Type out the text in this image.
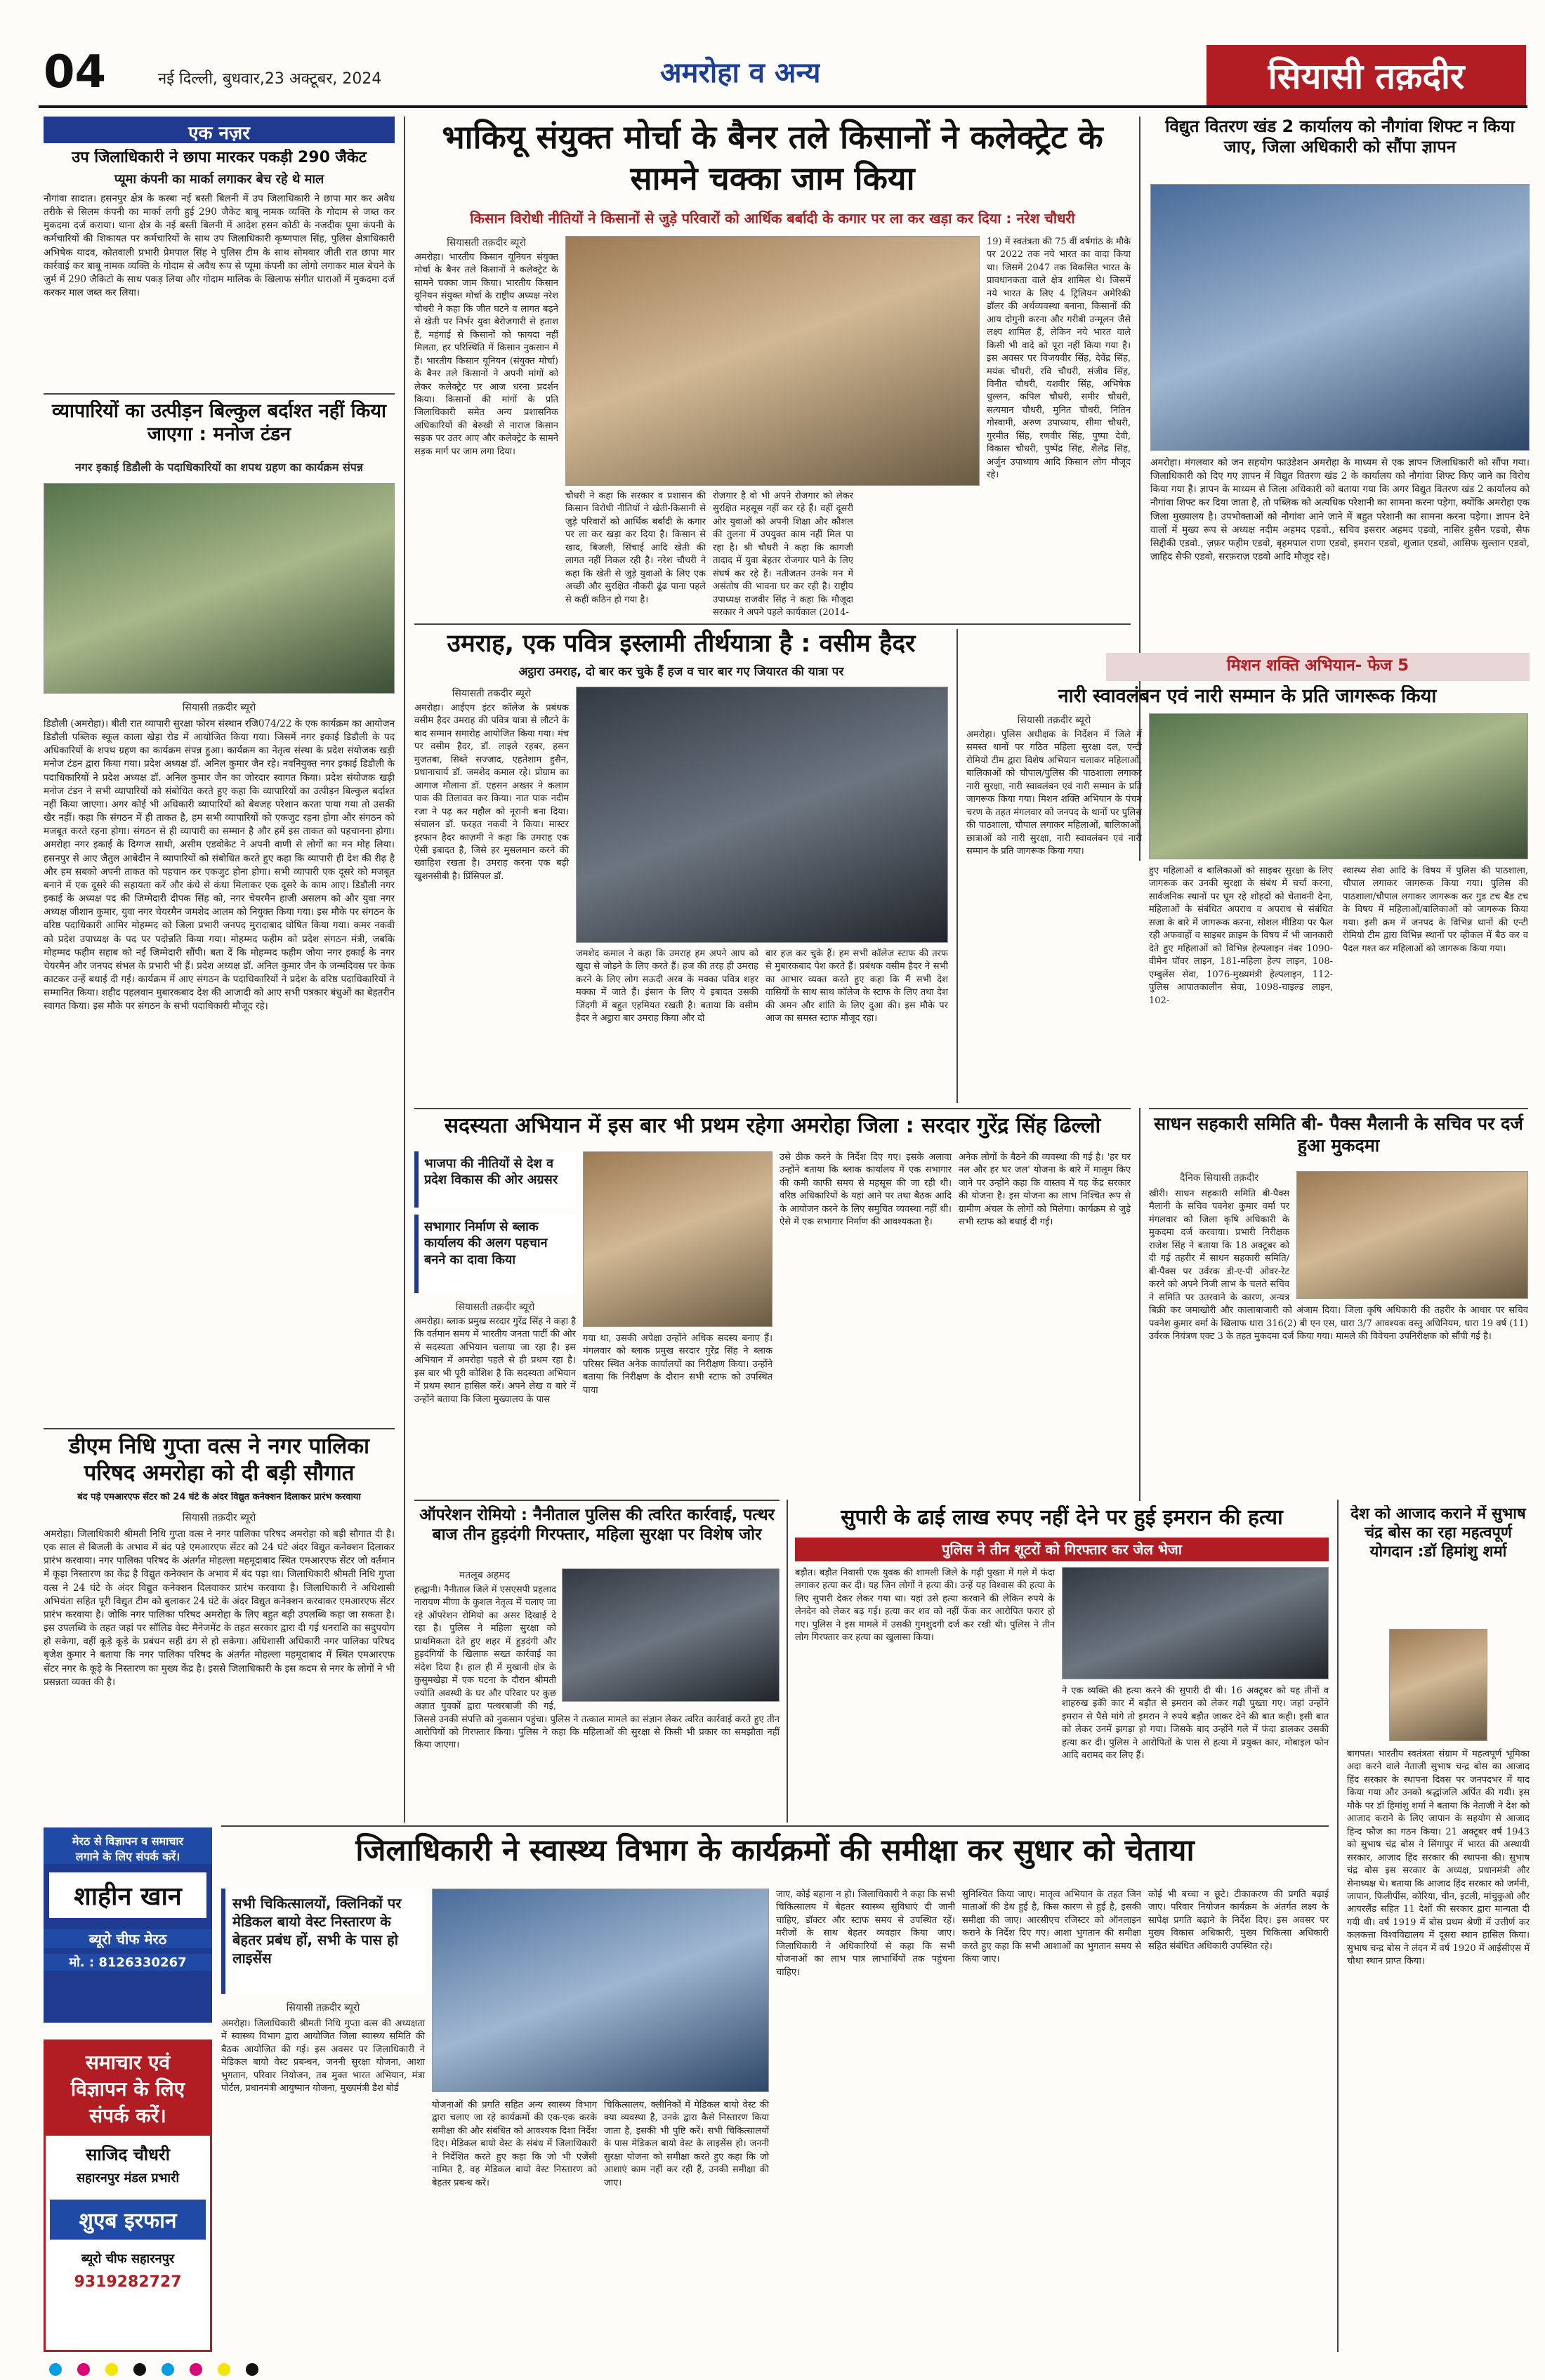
04	नई दिल्ली, बुधवार,23 अक्टूबर, 2024	अमरोहा व अन्य	सियासी तक़दीर
एक नज़र
उप जिलाधिकारी ने छापा मारकर पकड़ी 290 जैकेट
प्यूमा कंपनी का मार्का लगाकर बेच रहे थे माल
नौगांवा सादात। हसनपुर क्षेत्र के कस्बा नई बस्ती बिलनी में उप जिलाधिकारी ने छापा मार कर अवैध तरीके से सिलम कंपनी का मार्का लगी हुई 290 जैकेट बाबू नामक व्यक्ति के गोदाम से जब्त कर मुकदमा दर्ज कराया। थाना क्षेत्र के नई बस्ती बिलनी में आदेश हसन कोठी के नजदीक पूमा कंपनी के कर्मचारियों की शिकायत पर कर्मचारियों के साथ उप जिलाधिकारी कृष्णपाल सिंह, पुलिस क्षेत्राधिकारी अभिषेक यादव, कोतवाली प्रभारी प्रेमपाल सिंह ने पुलिस टीम के साथ सोमवार जीती रात छापा मार कार्रवाई कर बाबू नामक व्यक्ति के गोदाम से अवैध रूप से प्यूमा कंपनी का लोगो लगाकर माल बेचने के जुर्म में 290 जैकिटो के साथ पकड़ लिया और गोदाम मालिक के खिलाफ संगीत धाराओं में मुकदमा दर्ज करकर माल जब्त कर लिया।
व्यापारियों का उत्पीड़न बिल्कुल बर्दाश्त नहीं किया जाएगा : मनोज टंडन
नगर इकाई डिडौली के पदाधिकारियों का शपथ ग्रहण का कार्यक्रम संपन्न
सियासी तक़दीर ब्यूरो
डिडौली (अमरोहा)। बीती रात व्यापारी सुरक्षा फोरम संस्थान रजि074/22 के एक कार्यक्रम का आयोजन डिडौली पब्लिक स्कूल काला खेड़ा रोड में आयोजित किया गया। जिसमें नगर इकाई डिडौली के पद अधिकारियों के शपथ ग्रहण का कार्यक्रम संपन्न हुआ। कार्यक्रम का नेतृत्व संस्था के प्रदेश संयोजक खड़ी मनोज टंडन द्वारा किया गया। प्रदेश अध्यक्ष डॉ. अनिल कुमार जैन रहे। नवनियुक्त नगर इकाई डिडौली के पदाधिकारियों ने प्रदेश अध्यक्ष डॉ. अनिल कुमार जैन का जोरदार स्वागत किया। प्रदेश संयोजक खड़ी मनोज टंडन ने सभी व्यापारियों को संबोधित करते हुए कहा कि व्यापारियों का उत्पीड़न बिल्कुल बर्दाश्त नहीं किया जाएगा। अगर कोई भी अधिकारी व्यापारियों को बेवजह परेशान करता पाया गया तो उसकी खैर नहीं। कहा कि संगठन में ही ताकत है, हम सभी व्यापारियों को एकजुट रहना होगा और संगठन को मजबूत करते रहना होगा। संगठन से ही व्यापारी का सम्मान है और हमें इस ताकत को पहचानना होगा। अमरोहा नगर इकाई के दिग्गज साथी, असीम एडवोकेट ने अपनी वाणी से लोगों का मन मोह लिया। हसनपुर से आए जैतुल आबेदीन ने व्यापारियों को संबोधित करते हुए कहा कि व्यापारी ही देश की रीढ़ है और हम सबको अपनी ताकत को पहचान कर एकजुट होना होगा। सभी व्यापारी एक दूसरे को मजबूत बनाने में एक दूसरे की सहायता करें और कंधे से कंधा मिलाकर एक दूसरे के काम आए। डिडौली नगर इकाई के अध्यक्ष पद की जिम्मेदारी दीपक सिंह को, नगर चेयरमैन हाजी असलम को और युवा नगर अध्यक्ष जीशान कुमार, युवा नगर चेयरमैन जमशेद आलम को नियुक्त किया गया। इस मौके पर संगठन के वरिष्ठ पदाधिकारी आमिर मोहम्मद को जिला प्रभारी जनपद मुरादाबाद घोषित किया गया। कमर नकवी को प्रदेश उपाध्यक्ष के पद पर पदोन्नति किया गया। मोहम्मद फहीम को प्रदेश संगठन मंत्री, जबकि मोहम्मद फहीम सहाब को नई जिम्मेदारी सौंपी। बता दें कि मोहम्मद फहीम जोया नगर इकाई के नगर चेयरमैन और जनपद संभल के प्रभारी भी हैं। प्रदेश अध्यक्ष डॉ. अनिल कुमार जैन के जन्मदिवस पर केक काटकर उन्हें बधाई दी गई। कार्यक्रम में आए संगठन के पदाधिकारियों ने प्रदेश के वरिष्ठ पदाधिकारियों ने सम्मानित किया। शहीद पहलवान मुबारकबाद देश की आजादी को आए सभी पत्रकार बंधुओं का बेहतरीन स्वागत किया। इस मौके पर संगठन के सभी पदाधिकारी मौजूद रहे।
डीएम निधि गुप्ता वत्स ने नगर पालिका परिषद अमरोहा को दी बड़ी सौगात
बंद पड़े एमआरएफ सेंटर को 24 घंटे के अंदर विद्युत कनेक्शन दिलाकर प्रारंभ करवाया
सियासी तक़दीर ब्यूरो
अमरोहा। जिलाधिकारी श्रीमती निधि गुप्ता वत्स ने नगर पालिका परिषद अमरोहा को बड़ी सौगात दी है। एक साल से बिजली के अभाव में बंद पड़े एमआरएफ सेंटर को 24 घंटे अंदर विद्युत कनेक्शन दिलाकर प्रारंभ करवाया। नगर पालिका परिषद के अंतर्गत मोहल्ला महमूदाबाद स्थित एमआरएफ सेंटर जो वर्तमान में कूड़ा निस्तारण का केंद्र है विद्युत कनेक्शन के अभाव में बंद पड़ा था। जिलाधिकारी श्रीमती निधि गुप्ता वत्स ने 24 घंटे के अंदर विद्युत कनेक्शन दिलवाकर प्रारंभ करवाया है। जिलाधिकारी ने अधिशासी अभियंता सहित पूरी विद्युत टीम को बुलाकर 24 घंटे के अंदर विद्युत कनेक्शन करवाकर एमआरएफ सेंटर प्रारंभ करवाया है। जोकि नगर पालिका परिषद अमरोहा के लिए बहुत बड़ी उपलब्धि कहा जा सकता है। इस उपलब्धि के तहत जहां पर सॉलिड वेस्ट मैनेजमेंट के तहत सरकार द्वारा दी गई धनराशि का सदुपयोग हो सकेगा, वहीं कूड़े कूड़े के प्रबंधन सही ढंग से हो सकेगा। अधिशासी अधिकारी नगर पालिका परिषद बृजेश कुमार ने बताया कि नगर पालिका परिषद के अंतर्गत मोहल्ला महमूदाबाद में स्थित एमआरएफ सेंटर नगर के कूड़े के निस्तारण का मुख्य केंद्र है। इससे जिलाधिकारी के इस कदम से नगर के लोगों ने भी प्रसन्नता व्यक्त की है।
मेरठ से विज्ञापन व समाचार
लगाने के लिए संपर्क करें।
शाहीन खान
ब्यूरो चीफ मेरठ
मो. : 8126330267
समाचार एवं
विज्ञापन के लिए
संपर्क करें।
साजिद चौधरी
सहारनपुर मंडल प्रभारी
शुएब इरफान
ब्यूरो चीफ सहारनपुर
9319282727
भाकियू संयुक्त मोर्चा के बैनर तले किसानों ने कलेक्ट्रेट के सामने चक्का जाम किया
किसान विरोधी नीतियों ने किसानों से जुड़े परिवारों को आर्थिक बर्बादी के कगार पर ला कर खड़ा कर दिया : नरेश चौधरी
सियासती तक़दीर ब्यूरो
अमरोहा। भारतीय किसान यूनियन संयुक्त मोर्चा के बैनर तले किसानों ने कलेक्ट्रेट के सामने चक्का जाम किया। भारतीय किसान यूनियन संयुक्त मोर्चा के राष्ट्रीय अध्यक्ष नरेश चौधरी ने कहा कि जीत घटने व लागत बढ़ने से खेती पर निर्भर युवा बेरोजगारी से हताश हैं, महंगाई से किसानों को फायदा नहीं मिलता, हर परिस्थिति में किसान नुकसान में हैं। भारतीय किसान यूनियन (संयुक्त मोर्चा) के बैनर तले किसानों ने अपनी मांगों को लेकर कलेक्ट्रेट पर आज धरना प्रदर्शन किया। किसानों की मांगों के प्रति जिलाधिकारी समेत अन्य प्रशासनिक अधिकारियों की बेरुखी से नाराज किसान सड़क पर उतर आए और कलेक्ट्रेट के सामने सड़क मार्ग पर जाम लगा दिया।
चौधरी ने कहा कि सरकार व प्रशासन की किसान विरोधी नीतियों ने खेती-किसानी से जुड़े परिवारों को आर्थिक बर्बादी के कगार पर ला कर खड़ा कर दिया है। किसान से खाद, बिजली, सिंचाई आदि खेती की लागत नहीं निकल रही है। नरेश चौधरी ने कहा कि खेती से जुड़े युवाओं के लिए एक अच्छी और सुरक्षित नौकरी ढूंढ पाना पहले से कहीं कठिन हो गया है।
रोजगार है वो भी अपने रोजगार को लेकर सुरक्षित महसूस नहीं कर रहे हैं। वहीं दूसरी ओर युवाओं को अपनी शिक्षा और कौशल की तुलना में उपयुक्त काम नहीं मिल पा रहा है। श्री चौधरी ने कहा कि कागजी तादाद में युवा बेहतर रोजगार पाने के लिए संघर्ष कर रहे हैं। नतीजतन उनके मन में असंतोष की भावना घर कर रही है। राष्ट्रीय उपाध्यक्ष राजवीर सिंह ने कहा कि मौजूदा सरकार ने अपने पहले कार्यकाल (2014-
19) में स्वतंत्रता की 75 वीं वर्षगांठ के मौके पर 2022 तक नये भारत का वादा किया था। जिसमें 2047 तक विकसित भारत के प्रावधानकता वाले क्षेत्र शामिल थे। जिसमें नये भारत के लिए 4 ट्रिलियन अमेरिकी डॉलर की अर्थव्यवस्था बनाना, किसानों की आय दोगुनी करना और गरीबी उन्मूलन जैसे लक्ष्य शामिल हैं, लेकिन नये भारत वाले किसी भी वादे को पूरा नहीं किया गया है। इस अवसर पर विजयवीर सिंह, देवेंद्र सिंह, मयंक चौधरी, रवि चौधरी, संजीव सिंह, विनीत चौधरी, यशवीर सिंह, अभिषेक धुल्लन, कपिल चौधरी, समीर चौधरी, सत्यमान चौधरी, मुनित चौधरी, नितिन गोस्वामी, अरुण उपाध्याय, सीमा चौधरी, गुरमीत सिंह, रणवीर सिंह, पुष्पा देवी, विकास चौधरी, पुष्पेंद्र सिंह, शैलेंद्र सिंह, अर्जुन उपाध्याय आदि किसान लोग मौजूद रहे।
विद्युत वितरण खंड 2 कार्यालय को नौगांवा शिफ्ट न किया जाए, जिला अधिकारी को सौंपा ज्ञापन
अमरोहा। मंगलवार को जन सहयोग फाउंडेशन अमरोहा के माध्यम से एक ज्ञापन जिलाधिकारी को सौंपा गया। जिलाधिकारी को दिए गए ज्ञापन में विद्युत वितरण खंड 2 के कार्यालय को नौगांवा शिफ्ट किए जाने का विरोध किया गया है। ज्ञापन के माध्यम से जिला अधिकारी को बताया गया कि अगर विद्युत वितरण खंड 2 कार्यालय को नौगांवा शिफ्ट कर दिया जाता है, तो पब्लिक को अत्यधिक परेशानी का सामना करना पड़ेगा, क्योंकि अमरोहा एक जिला मुख्यालय है। उपभोक्ताओं को नौगांवा आने जाने में बहुत परेशानी का सामना करना पड़ेगा। ज्ञापन देने वालों में मुख्य रूप से अध्यक्ष नदीम अहमद एडवो., सचिव इसरार अहमद एडवो, नासिर हुसैन एडवो, सैफ सिद्दीकी एडवो., ज़फ़र फहीम एडवो, बृहमपाल राणा एडवो, इमरान एडवो, शुजात एडवो, आसिफ सुल्तान एडवो, ज़ाहिद सैफी एडवो, सरफ़राज़ एडवो आदि मौजूद रहे।
उमराह, एक पवित्र इस्लामी तीर्थयात्रा है : वसीम हैदर
अट्ठारा उमराह, दो बार कर चुके हैं हज व चार बार गए जियारत की यात्रा पर
सियासती तकदीर ब्यूरो
अमरोहा। आईएम इंटर कॉलेज के प्रबंधक वसीम हैदर उमराह की पवित्र यात्रा से लौटने के बाद सम्मान समारोह आयोजित किया गया। मंच पर वसीम हैदर, डॉ. लाइले रहबर, हसन मुजतबा, सिब्ते सज्जाद, एहतेशाम हुसैन, प्रधानाचार्य डॉ. जमशेद कमाल रहे। प्रोग्राम का आगाज मौलाना डॉ. एहसन अख्तर ने कलाम पाक की तिलावत कर किया। नात पाक नदीम रजा ने पढ़ कर महौल को नूरानी बना दिया। संचालन डॉ. फरहत नकवी ने किया। मास्टर इरफान हैदर काज़मी ने कहा कि उमराह एक ऐसी इबादत है, जिसे हर मुसलमान करने की ख्वाहिश रखता है। उमराह करना एक बड़ी खुशनसीबी है। प्रिंसिपल डॉ.
जमशेद कमाल ने कहा कि उमराह हम अपने आप को खुदा से जोड़ने के लिए करते हैं। हज की तरह ही उमराह करने के लिए लोग सऊदी अरब के मक्का पवित्र शहर मक्का में जाते हैं। इंसान के लिए ये इबादत उसकी जिंदगी में बहुत एहमियत रखती है। बताया कि वसीम हैदर ने अट्ठारा बार उमराह किया और दो
बार हज कर चुके हैं। हम सभी कॉलेज स्टाफ की तरफ से मुबारकबाद पेश करते हैं। प्रबंधक वसीम हैदर ने सभी का आभार व्यक्त करते हुए कहा कि मैं सभी देश वासियों के साथ साथ कॉलेज के स्टाफ के लिए तथा देश की अमन और शांति के लिए दुआ की। इस मौके पर आज का समस्त स्टाफ मौजूद रहा।
मिशन शक्ति अभियान- फेज 5
नारी स्वावलंबन एवं नारी सम्मान के प्रति जागरूक किया
सियासी तक़दीर ब्यूरो
अमरोहा। पुलिस अधीक्षक के निर्देशन में जिले में समस्त थानों पर गठित महिला सुरक्षा दल, एन्टी रोमियो टीम द्वारा विशेष अभियान चलाकर महिलाओं, बालिकाओं को चौपाल/पुलिस की पाठशाला लगाकर नारी सुरक्षा, नारी स्वावलंबन एवं नारी सम्मान के प्रति जागरूक किया गया। मिशन शक्ति अभियान के पंचम चरण के तहत मंगलवार को जनपद के थानों पर पुलिस की पाठशाला, चौपाल लगाकर महिलाओं, बालिकाओं, छात्राओं को नारी सुरक्षा, नारी स्वावलंबन एवं नारी सम्मान के प्रति जागरूक किया गया।
हुए महिलाओं व बालिकाओं को साइबर सुरक्षा के लिए जागरूक कर उनकी सुरक्षा के संबंध में चर्चा करना, सार्वजनिक स्थानों पर घूम रहे शोहदों को चेतावनी देना, महिलाओं के संबंधित अपराध व अपराध से संबंधित सजा के बारे में जागरूक करना, सोशल मीडिया पर फैल रही अफवाहों व साइबर क्राइम के विषय में भी जानकारी देते हुए महिलाओं को विभिन्न हेल्पलाइन नंबर 1090-वीमेन पॉवर लाइन, 181-महिला हेल्प लाइन, 108-एम्बुलेंस सेवा, 1076-मुख्यमंत्री हेल्पलाइन, 112-पुलिस आपातकालीन सेवा, 1098-चाइल्ड लाइन, 102-
स्वास्थ्य सेवा आदि के विषय में पुलिस की पाठशाला, चौपाल लगाकर जागरूक किया गया। पुलिस की पाठशाला/चौपाल लगाकर जागरूक कर गुड टच बैड टच के विषय में महिलाओं/बालिकाओं को जागरूक किया गया। इसी क्रम में जनपद के विभिन्न थानों की एन्टी रोमियो टीम द्वारा विभिन्न स्थानों पर व्हीकल में बैठ कर व पैदल गश्त कर महिलाओं को जागरूक किया गया।
सदस्यता अभियान में इस बार भी प्रथम रहेगा अमरोहा जिला : सरदार गुरेंद्र सिंह ढिल्लो
भाजपा की नीतियों से देश व प्रदेश विकास की ओर अग्रसर
सभागार निर्माण से ब्लाक कार्यालय की अलग पहचान बनने का दावा किया
सियासती तक़दीर ब्यूरो
अमरोहा। ब्लाक प्रमुख सरदार गुरेंद्र सिंह ने कहा है कि वर्तमान समय में भारतीय जनता पार्टी की ओर से सदस्यता अभियान चलाया जा रहा है। इस अभियान में अमरोहा पहले से ही प्रथम रहा है। इस बार भी पूरी कोशिश है कि सदस्यता अभियान में प्रथम स्थान हासिल करें। अपने लेख व बारे में उन्होंने बताया कि जिला मुख्यालय के पास
गया था, उसकी अपेक्षा उन्होंने अधिक सदस्य बनाए हैं। मंगलवार को ब्लाक प्रमुख सरदार गुरेंद्र सिंह ने ब्लाक परिसर स्थित अनेक कार्यालयों का निरीक्षण किया। उन्होंने बताया कि निरीक्षण के दौरान सभी स्टाफ को उपस्थित पाया
उसे ठीक करने के निर्देश दिए गए। इसके अलावा उन्होंने बताया कि ब्लाक कार्यालय में एक सभागार की कमी काफी समय से महसूस की जा रही थी। वरिष्ठ अधिकारियों के यहां आने पर तथा बैठक आदि के आयोजन करने के लिए समुचित व्यवस्था नहीं थी। ऐसे में एक सभागार निर्माण की आवश्यकता है।
अनेक लोगों के बैठने की व्यवस्था की गई है। 'हर घर नल और हर घर जल' योजना के बारे में मालूम किए जाने पर उन्होंने कहा कि वास्तव में यह केंद्र सरकार की योजना है। इस योजना का लाभ निश्चित रूप से ग्रामीण अंचल के लोगों को मिलेगा। कार्यक्रम से जुड़े सभी स्टाफ को बधाई दी गई।
साधन सहकारी समिति बी- पैक्स मैलानी के सचिव पर दर्ज हुआ मुकदमा
दैनिक सियासी तक़दीर
खीरी। साधन सहकारी समिति बी-पैक्स मैलानी के सचिव पवनेश कुमार वर्मा पर मंगलवार को जिला कृषि अधिकारी के मुकदमा दर्ज करवाया। प्रभारी निरीक्षक राजेश सिंह ने बताया कि 18 अक्टूबर को दी गई तहरीर में साधन सहकारी समिति/बी-पैक्स पर उर्वरक डी-ए-पी ओवर-रेट करने को अपने निजी लाभ के चलते सचिव ने समिति पर उतरवाने के कारण, अन्यत्र बिक्री कर जमाखोरी और कालाबाजारी को अंजाम दिया। जिला कृषि अधिकारी की तहरीर के आधार पर सचिव पवनेश कुमार वर्मा के खिलाफ धारा 316(2) बी एन एस, धारा 3/7 आवश्यक वस्तु अधिनियम, धारा 19 वर्ष (11) उर्वरक नियंत्रण एक्ट 3 के तहत मुकदमा दर्ज किया गया। मामले की विवेचना उपनिरीक्षक को सौंपी गई है।
ऑपरेशन रोमियो : नैनीताल पुलिस की त्वरित कार्रवाई, पत्थर बाज तीन हुड़दंगी गिरफ्तार, महिला सुरक्षा पर विशेष जोर
मतलूब अहमद
हल्द्वानी। नैनीताल जिले में एसएसपी प्रहलाद नारायण मीणा के कुशल नेतृत्व में चलाए जा रहे ऑपरेशन रोमियो का असर दिखाई दे रहा है। पुलिस ने महिला सुरक्षा को प्राथमिकता देते हुए शहर में हुड़दंगी और हुड़दंगियों के खिलाफ सख्त कार्रवाई का संदेश दिया है। हाल ही में मुखानी क्षेत्र के कुसुमखेड़ा में एक घटना के दौरान श्रीमती ज्योति अवस्थी के घर और परिवार पर कुछ अज्ञात युवकों द्वारा पत्थरबाजी की गई, जिससे उनकी संपत्ति को नुकसान पहुंचा। पुलिस ने तत्काल मामले का संज्ञान लेकर त्वरित कार्रवाई करते हुए तीन आरोपियों को गिरफ्तार किया। पुलिस ने कहा कि महिलाओं की सुरक्षा से किसी भी प्रकार का समझौता नहीं किया जाएगा।
सुपारी के ढाई लाख रुपए नहीं देने पर हुई इमरान की हत्या
पुलिस ने तीन शूटरों को गिरफ्तार कर जेल भेजा
बड़ौत। बड़ौत निवासी एक युवक की शामली जिले के गढ़ी पुख्ता में गले में फंदा लगाकर हत्या कर दी। यह जिन लोगों ने हत्या की। उन्हें यह विश्वास की हत्या के लिए सुपारी देकर लेकर गया था। यहां उसे हत्या करवाने की लेकिन रुपये के लेनदेन को लेकर बढ़ गई। हत्या कर शव को नहीं फेंक कर आरोपित फरार हो गए। पुलिस ने इस मामले में उसकी गुमशुदगी दर्ज कर रखी थी। पुलिस ने तीन लोग गिरफ्तार कर हत्या का खुलासा किया।
ने एक व्यक्ति की हत्या करने की सुपारी दी थी। 16 अक्टूबर को यह तीनों व शाहरुख इकॅो कार में बड़ौत से इमरान को लेकर गढ़ी पुख्ता गए। जहां उन्होंने इमरान से पैसे मांगे तो इमरान ने रुपये बड़ौत जाकर देने की बात कही। इसी बात को लेकर उनमें झगड़ा हो गया। जिसके बाद उन्होंने गले में फंदा डालकर उसकी हत्या कर दी। पुलिस ने आरोपितों के पास से हत्या में प्रयुक्त कार, मोबाइल फोन आदि बरामद कर लिए हैं।
देश को आजाद कराने में सुभाष चंद्र बोस का रहा महत्वपूर्ण योगदान :डॉ हिमांशु शर्मा
बागपत। भारतीय स्वतंत्रता संग्राम में महत्वपूर्ण भूमिका अदा करने वाले नेताजी सुभाष चन्द्र बोस का आजाद हिंद सरकार के स्थापना दिवस पर जनपदभर में याद किया गया और उनको श्रद्धांजलि अर्पित की गयी। इस मौके पर डॉ हिमांशु शर्मा ने बताया कि नेताजी ने देश को आजाद कराने के लिए जापान के सहयोग से आजाद हिन्द फौज का गठन किया। 21 अक्टूबर वर्ष 1943 को सुभाष चंद्र बोस ने सिंगापुर में भारत की अस्थायी सरकार, आजाद हिंद सरकार की स्थापना की। सुभाष चंद्र बोस इस सरकार के अध्यक्ष, प्रधानमंत्री और सेनाध्यक्ष थे। बताया कि आजाद हिंद सरकार को जर्मनी, जापान, फिलीपींस, कोरिया, चीन, इटली, मांचुकुओ और आयरलैंड सहित 11 देशों की सरकार द्वारा मान्यता दी गयी थी। वर्ष 1919 में बोस प्रथम श्रेणी में उत्तीर्ण कर कलकत्ता विश्वविद्यालय में दूसरा स्थान हासिल किया। सुभाष चन्द्र बोस ने लंदन में वर्ष 1920 में आईसीएस में चौथा स्थान प्राप्त किया।
जिलाधिकारी ने स्वास्थ्य विभाग के कार्यक्रमों की समीक्षा कर सुधार को चेताया
सभी चिकित्सालयों, क्लिनिकों पर मेडिकल बायो वेस्ट निस्तारण के बेहतर प्रबंध हों, सभी के पास हो लाइसेंस
सियासी तक़दीर ब्यूरो
अमरोहा। जिलाधिकारी श्रीमती निधि गुप्ता वत्स की अध्यक्षता में स्वास्थ्य विभाग द्वारा आयोजित जिला स्वास्थ्य समिति की बैठक आयोजित की गई। इस अवसर पर जिलाधिकारी ने मेडिकल बायो वेस्ट प्रबन्धन, जननी सुरक्षा योजना, आशा भुगतान, परिवार नियोजन, तब मुक्त भारत अभियान, मंत्रा पोर्टल, प्रधानमंत्री आयुष्मान योजना, मुख्यमंत्री डैश बोर्ड
योजनाओं की प्रगति सहित अन्य स्वास्थ्य विभाग द्वारा चलाए जा रहे कार्यक्रमों की एक-एक करके समीक्षा की और संबंधित को आवश्यक दिशा निर्देश दिए। मेडिकल बायो वेस्ट के संबंध में जिलाधिकारी ने निर्देशित करते हुए कहा कि जो भी एजेंसी नामित है, वह मेडिकल बायो वेस्ट निस्तारण को बेहतर प्रबन्ध करें।
चिकित्सालय, क्लीनिकों में मेडिकल बायो वेस्ट की क्या व्यवस्था है, उनके द्वारा कैसे निस्तारण किया जाता है, इसकी भी पुष्टि करें। सभी चिकित्सालयों के पास मेडिकल बायो वेस्ट के लाइसेंस हो। जननी सुरक्षा योजना को समीक्षा करते हुए कहा कि जो आशाएं काम नहीं कर रही हैं, उनकी समीक्षा की जाए।
जाए, कोई बहाना न हो। जिलाधिकारी ने कहा कि सभी चिकित्सालय में बेहतर स्वास्थ्य सुविधाएं दी जानी चाहिए, डॉक्टर और स्टाफ समय से उपस्थित रहें। मरीजों के साथ बेहतर व्यवहार किया जाए। जिलाधिकारी ने अधिकारियों से कहा कि सभी योजनाओं का लाभ पात्र लाभार्थियों तक पहुंचना चाहिए।
सुनिश्चित किया जाए। मातृत्व अभियान के तहत जिन माताओं की डेथ हुई है, किस कारण से हुई है, इसकी समीक्षा की जाए। आरसीएच रजिस्टर को ऑनलाइन कराने के निर्देश दिए गए। आशा भुगतान की समीक्षा करते हुए कहा कि सभी आशाओं का भुगतान समय से किया जाए।
कोई भी बच्चा न छूटे। टीकाकरण की प्रगति बढ़ाई जाए। परिवार नियोजन कार्यक्रम के अंतर्गत लक्ष्य के सापेक्ष प्रगति बढ़ाने के निर्देश दिए। इस अवसर पर मुख्य विकास अधिकारी, मुख्य चिकित्सा अधिकारी सहित संबंधित अधिकारी उपस्थित रहे।
